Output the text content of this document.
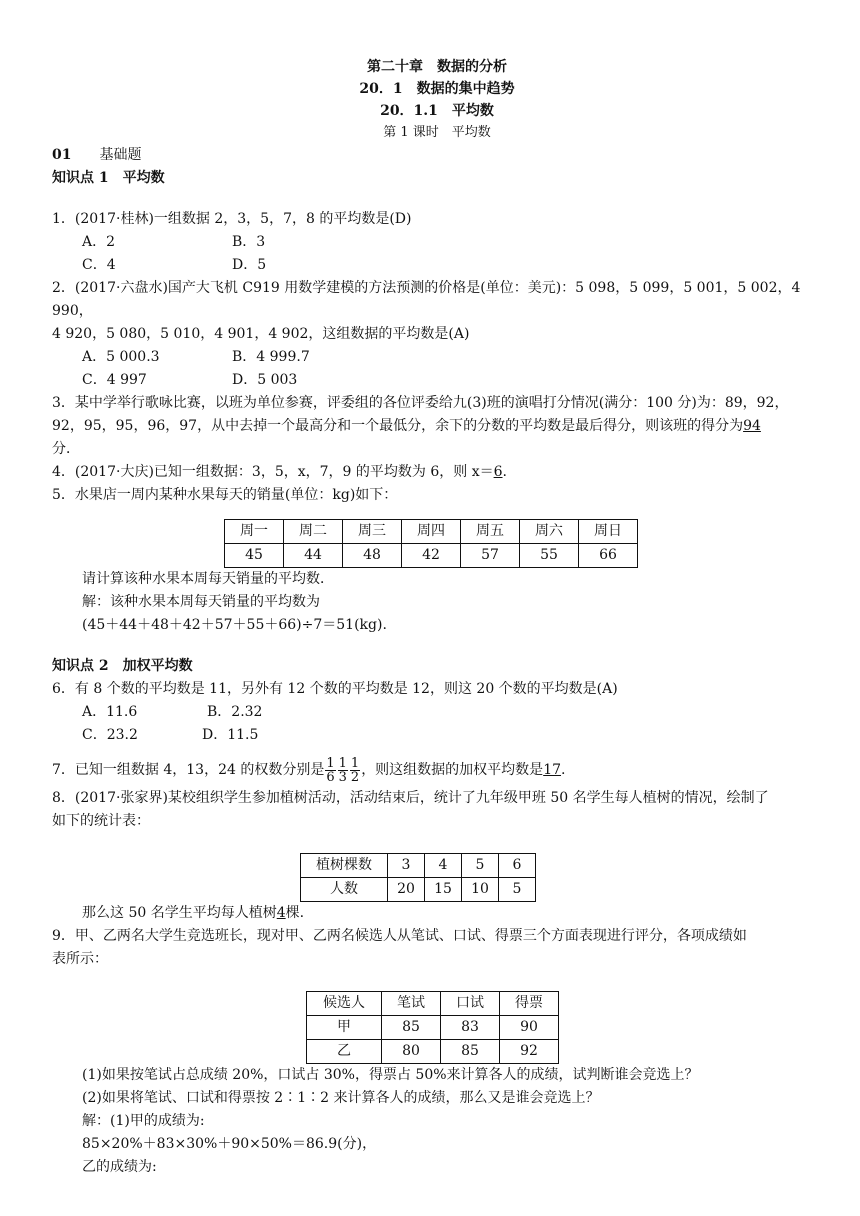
第二十章　数据的分析
20．1　数据的集中趋势
20．1.1　平均数
第 1 课时　平均数
01 基础题
知识点 1　平均数
1．(2017·桂林)一组数据 2，3，5，7，8 的平均数是(D)
A．2	B．3
C．4	D．5
2．(2017·六盘水)国产大飞机 C919 用数学建模的方法预测的价格是(单位：美元)：5 098，5 099，5 001，5 002，4 990，
4 920，5 080，5 010，4 901，4 902，这组数据的平均数是(A)
A．5 000.3	B．4 999.7
C．4 997	D．5 003
3．某中学举行歌咏比赛，以班为单位参赛，评委组的各位评委给九(3)班的演唱打分情况(满分：100 分)为：89，92，
92，95，95，96，97，从中去掉一个最高分和一个最低分，余下的分数的平均数是最后得分，则该班的得分为94
分．
4．(2017·大庆)已知一组数据：3，5，x，7，9 的平均数为 6，则 x＝6.
5．水果店一周内某种水果每天的销量(单位：kg)如下：
周一	周二	周三	周四	周五	周六	周日
45	44	48	42	57	55	66
请计算该种水果本周每天销量的平均数．
解：该种水果本周每天销量的平均数为
(45＋44＋48＋42＋57＋55＋66)÷7＝51(kg).
知识点 2　加权平均数
6．有 8 个数的平均数是 11，另外有 12 个数的平均数是 12，则这 20 个数的平均数是(A)
A．11.6	B．2.32
C．23.2	D．11.5
7．已知一组数据 4，13，24 的权数分别是 $\frac{1}{6} \frac{1}{3} \frac{1}{2}$ ，则这组数据的加权平均数是17.
8．(2017·张家界)某校组织学生参加植树活动，活动结束后，统计了九年级甲班 50 名学生每人植树的情况，绘制了
如下的统计表：
植树棵数	3	4	5	6
人数	20	15	10	5
那么这 50 名学生平均每人植树4棵.
9．甲、乙两名大学生竞选班长，现对甲、乙两名候选人从笔试、口试、得票三个方面表现进行评分，各项成绩如
表所示：
候选人	笔试	口试	得票
甲	85	83	90
乙	80	85	92
(1)如果按笔试占总成绩 20%，口试占 30%，得票占 50%来计算各人的成绩，试判断谁会竞选上？
(2)如果将笔试、口试和得票按 2∶1∶2 来计算各人的成绩，那么又是谁会竞选上？
解：(1)甲的成绩为:
85×20%＋83×30%＋90×50%＝86.9(分)，
乙的成绩为:
